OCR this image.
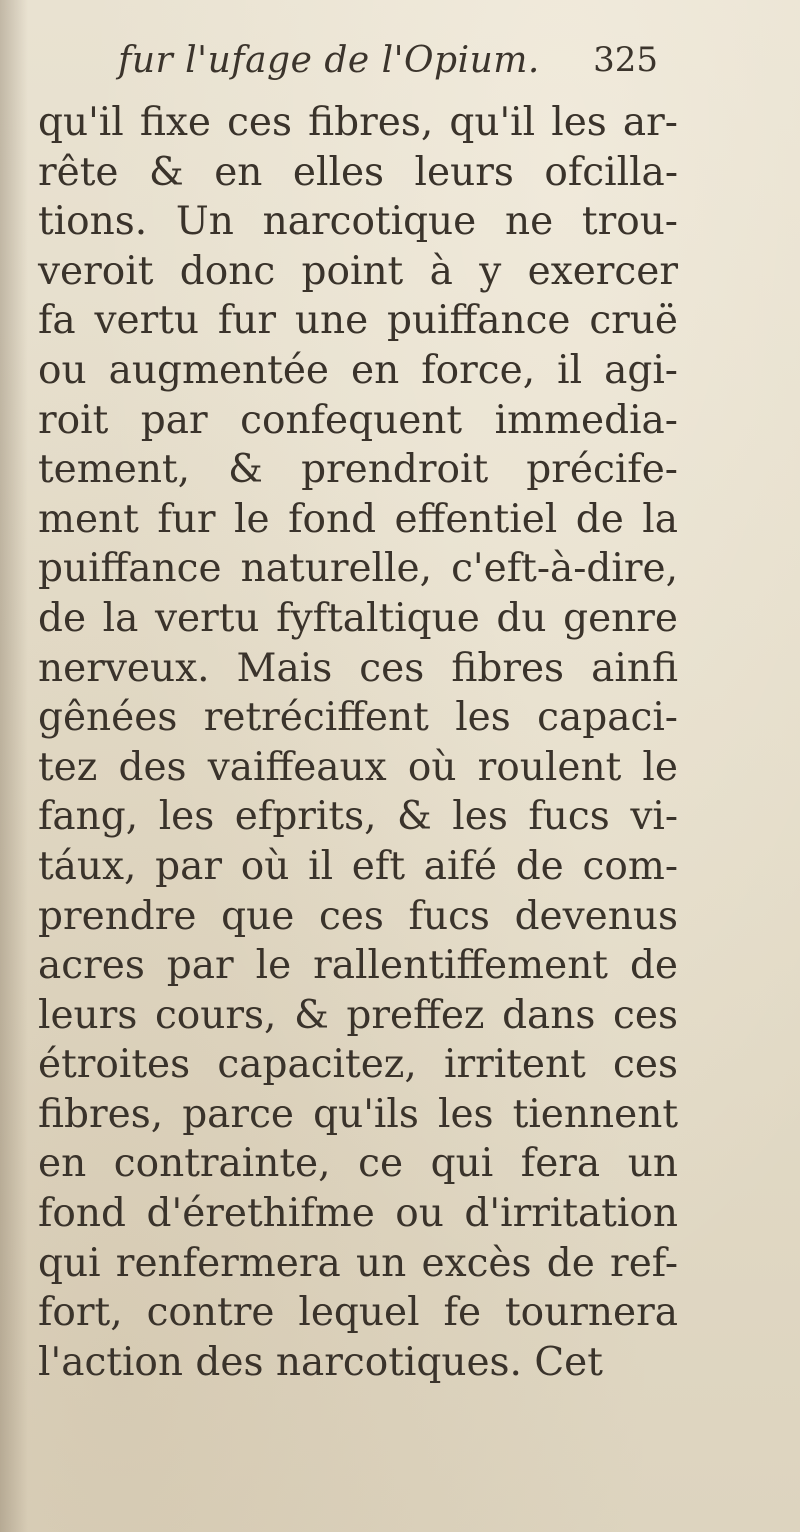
fur l'ufage de l'Opium. 325
qu'il fixe ces fibres, qu'il les ar-
rête & en elles leurs ofcilla-
tions. Un narcotique ne trou-
veroit donc point à y exercer
fa vertu fur une puiffance cruë
ou augmentée en force, il agi-
roit par confequent immedia-
tement, & prendroit précife-
ment fur le fond effentiel de la
puiffance naturelle, c'eft-à-dire,
de la vertu fyftaltique du genre
nerveux. Mais ces fibres ainfi
gênées retréciffent les capaci-
tez des vaiffeaux où roulent le
fang, les efprits, & les fucs vi-
táux, par où il eft aifé de com-
prendre que ces fucs devenus
acres par le rallentiffement de
leurs cours, & preffez dans ces
étroites capacitez, irritent ces
fibres, parce qu'ils les tiennent
en contrainte, ce qui fera un
fond d'érethifme ou d'irritation
qui renfermera un excès de ref-
fort, contre lequel fe tournera
l'action des narcotiques. Cet
